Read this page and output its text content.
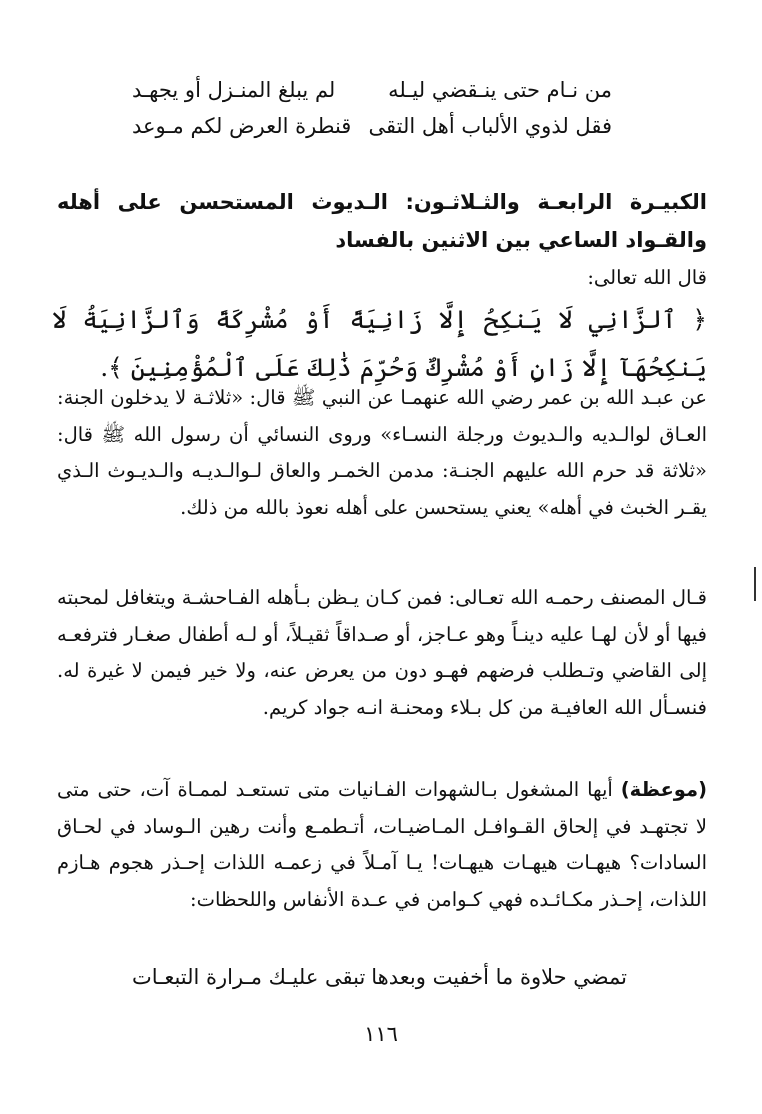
من نـام حتى ينـقضي ليـله
لم يبلغ المنـزل أو يجهـد
فقل لذوي الألباب أهل التقى
قنطرة العرض لكم مـوعد
الكبيـرة الرابعـة والثـلاثـون: الـديوث المستحسن على أهله والقـواد الساعي بين الاثنين بالفساد
قال الله تعالى:
﴿ ٱلزَّانِي لَا يَنكِحُ إِلَّا زَانِيَةً أَوْ مُشْرِكَةً وَٱلزَّانِيَةُ لَا يَنكِحُهَآ إِلَّا زَانٍ أَوْ مُشْرِكٌ وَحُرِّمَ ذَٰلِكَ عَلَى ٱلْمُؤْمِنِينَ ﴾.
عن عبـد الله بن عمر رضي الله عنهمـا عن النبي ﷺ قال: «ثلاثـة لا يدخلون الجنة: العـاق لوالـديه والـديوث ورجلة النسـاء» وروى النسائي أن رسول الله ﷺ قال: «ثلاثة قد حرم الله عليهم الجنـة: مدمن الخمـر والعاق لـوالـديـه والـديـوث الـذي يقـر الخبث في أهله» يعني يستحسن على أهله نعوذ بالله من ذلك.
قـال المصنف رحمـه الله تعـالى: فمن كـان يـظن بـأهله الفـاحشـة ويتغافل لمحبته فيها أو لأن لهـا عليه دينـاً وهو عـاجز، أو صـداقاً ثقيـلاً، أو لـه أطفال صغـار فترفعـه إلى القاضي وتـطلب فرضهم فهـو دون من يعرض عنه، ولا خير فيمن لا غيرة له. فنسـأل الله العافيـة من كل بـلاء ومحنـة انـه جواد كريم.
(موعظة) أيها المشغول بـالشهوات الفـانيات متى تستعـد لممـاة آت، حتى متى لا تجتهـد في إلحاق القـوافـل المـاضيـات، أتـطمـع وأنت رهين الـوساد في لحـاق السادات؟ هيهـات هيهـات هيهـات! يـا آمـلاً في زعمـه اللذات إحـذر هجوم هـازم اللذات، إحـذر مكـائـده فهي كـوامن في عـدة الأنفاس واللحظات:
تمضي حلاوة ما أخفيت وبعدها
تبقى عليـك مـرارة التبعـات
١١٦
